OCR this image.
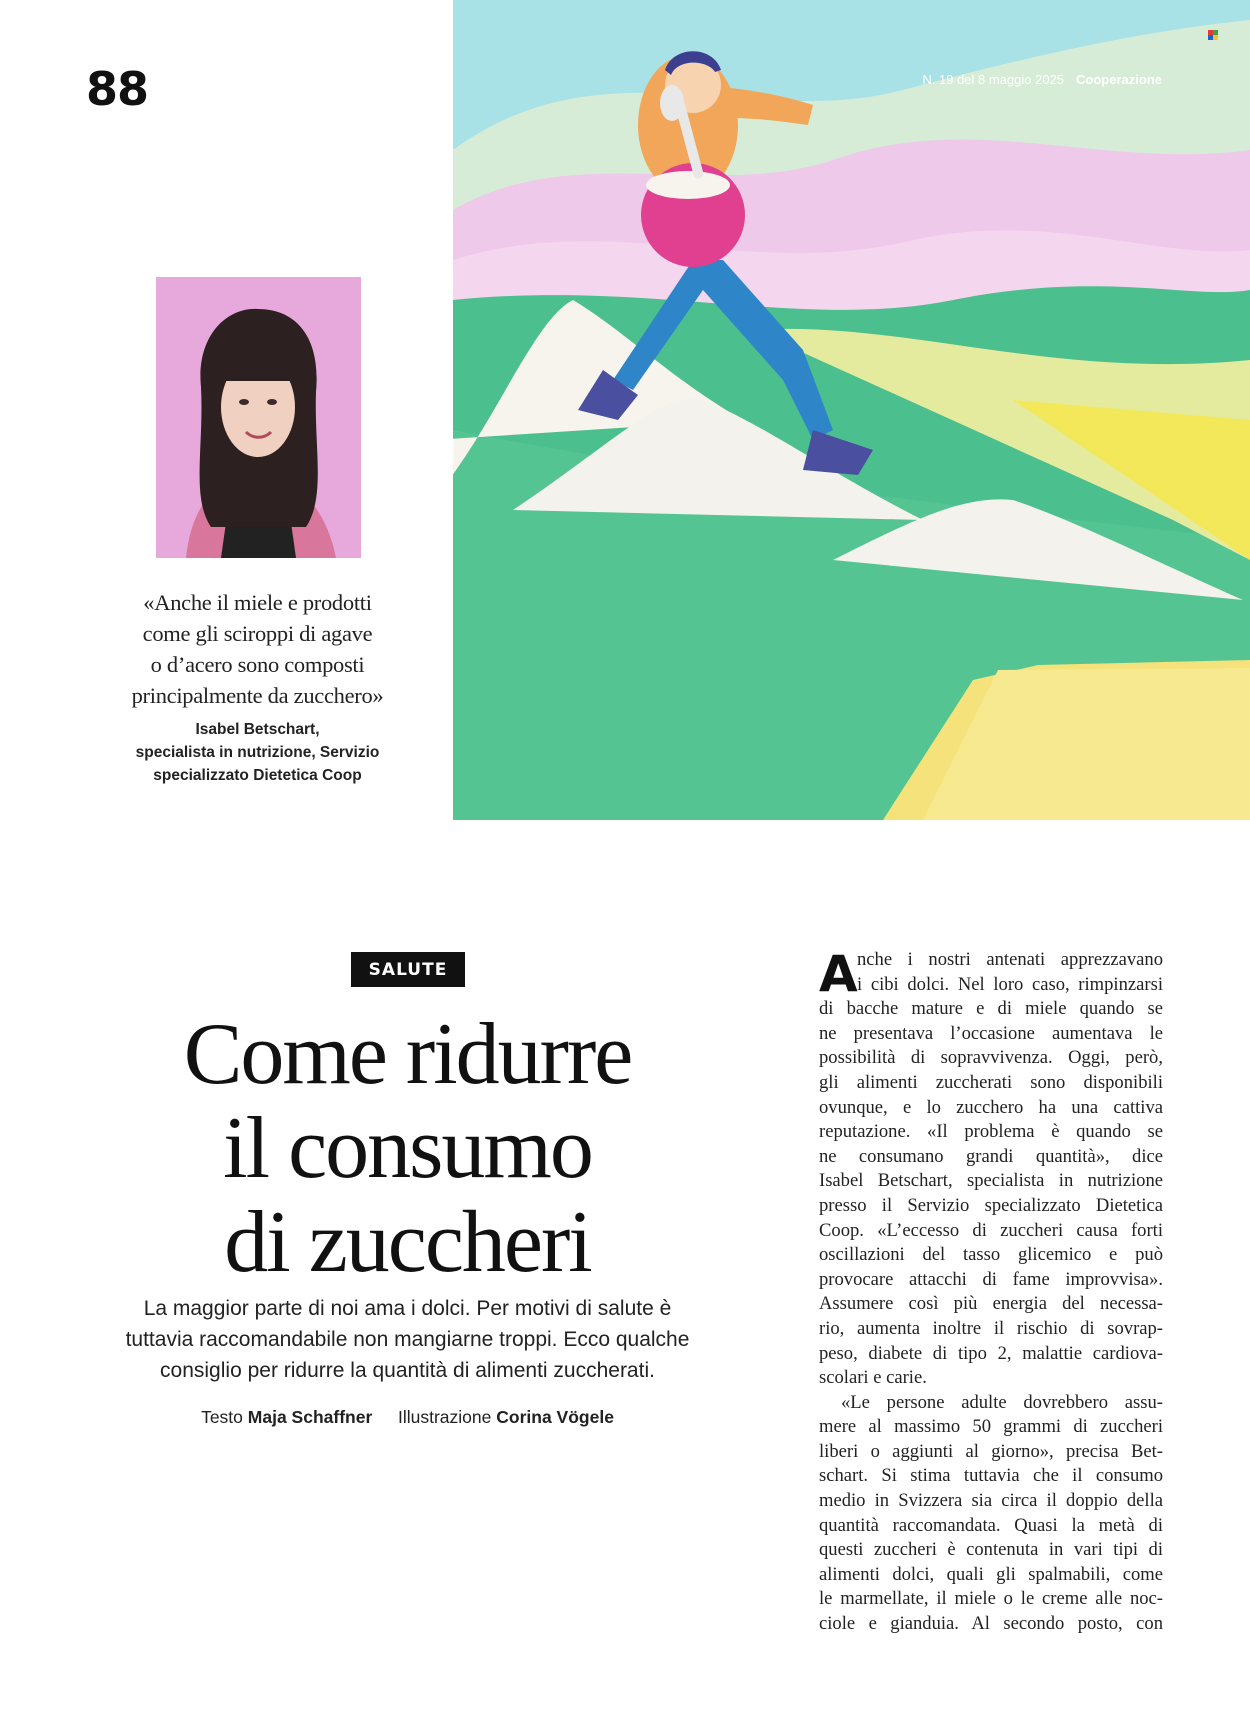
88	N. 19 del 8 maggio 2025 Cooperazione
«Anche il miele e prodotti
come gli sciroppi di agave
o d’acero sono composti
principalmente da zucchero»
Isabel Betschart,
specialista in nutrizione, Servizio
specializzato Dietetica Coop
SALUTE
Come ridurre
il consumo
di zuccheri
La maggior parte di noi ama i dolci. Per motivi di salute è
tuttavia raccomandabile non mangiarne troppi. Ecco qualche
consiglio per ridurre la quantità di alimenti zuccherati.
Testo Maja Schaffner Illustrazione Corina Vögele
A nche i nostri antenati apprezzavano
i cibi dolci. Nel loro caso, rimpinzarsi
di bacche mature e di miele quando se
ne presentava l’occasione aumentava le
possibilità di sopravvivenza. Oggi, però,
gli alimenti zuccherati sono disponibili
ovunque, e lo zucchero ha una cattiva
reputazione. «Il problema è quando se
ne consumano grandi quantità», dice
Isabel Betschart, specialista in nutrizione
presso il Servizio specializzato Dietetica
Coop. «L’eccesso di zuccheri causa forti
oscillazioni del tasso glicemico e può
provocare attacchi di fame improvvisa».
Assumere così più energia del necessa-
rio, aumenta inoltre il rischio di sovrap-
peso, diabete di tipo 2, malattie cardiova-
scolari e carie.
«Le persone adulte dovrebbero assu-
mere al massimo 50 grammi di zuccheri
liberi o aggiunti al giorno», precisa Bet-
schart. Si stima tuttavia che il consumo
medio in Svizzera sia circa il doppio della
quantità raccomandata. Quasi la metà di
questi zuccheri è contenuta in vari tipi di
alimenti dolci, quali gli spalmabili, come
le marmellate, il miele o le creme alle noc-
ciole e gianduia. Al secondo posto, con
